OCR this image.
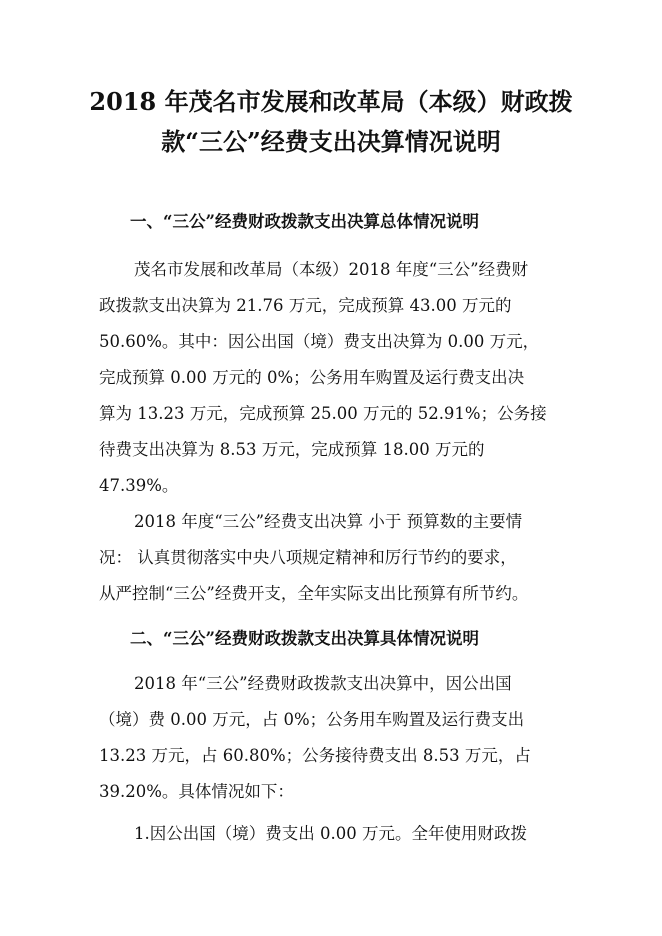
2018 年茂名市发展和改革局（本级）财政拨
款“三公”经费支出决算情况说明
一、“三公”经费财政拨款支出决算总体情况说明
茂名市发展和改革局（本级）2018 年度“三公”经费财
政拨款支出决算为 21.76 万元，完成预算 43.00 万元的
50.60%。其中：因公出国（境）费支出决算为 0.00 万元，
完成预算 0.00 万元的 0%；公务用车购置及运行费支出决
算为 13.23 万元，完成预算 25.00 万元的 52.91%；公务接
待费支出决算为 8.53 万元，完成预算 18.00 万元的
47.39%。
2018 年度“三公”经费支出决算 小于 预算数的主要情
况： 认真贯彻落实中央八项规定精神和厉行节约的要求，
从严控制“三公”经费开支，全年实际支出比预算有所节约。
二、“三公”经费财政拨款支出决算具体情况说明
2018 年“三公”经费财政拨款支出决算中，因公出国
（境）费 0.00 万元，占 0%；公务用车购置及运行费支出
13.23 万元，占 60.80%；公务接待费支出 8.53 万元，占
39.20%。具体情况如下：
1.因公出国（境）费支出 0.00 万元。全年使用财政拨
